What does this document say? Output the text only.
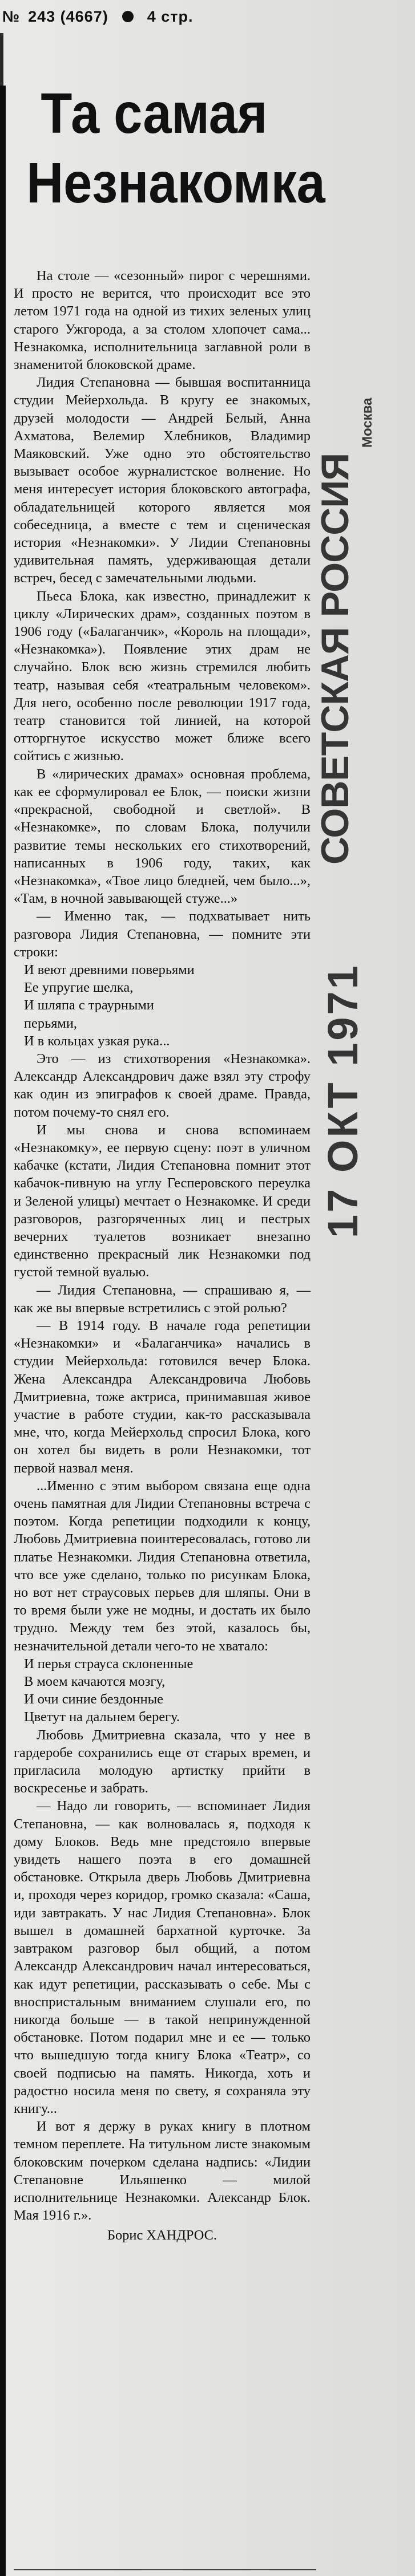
№ 243 (4667)	4 стр.
Та самая
Незнакомка
СОВЕТСКАЯ РОССИЯ
Москва
17 ОКТ 1971

На столе — «сезонный» пирог с черешнями. И просто не верится, что происходит все это летом 1971 года на одной из тихих зеленых улиц старого Ужгорода, а за столом хлопочет сама... Незнакомка, исполнительница заглавной роли в знаменитой блоковской драме.

Лидия Степановна — бывшая воспитанница студии Мейерхольда. В кругу ее знакомых, друзей молодости — Андрей Белый, Анна Ахматова, Велемир Хлебников, Владимир Маяковский. Уже одно это обстоятельство вызывает особое журналистское волнение. Но меня интересует история блоковского автографа, обладательницей которого является моя собеседница, а вместе с тем и сценическая история «Незнакомки». У Лидии Степановны удивительная память, удерживающая детали встреч, бесед с замечательными людьми.

Пьеса Блока, как известно, принадлежит к циклу «Лирических драм», созданных поэтом в 1906 году («Балаганчик», «Король на площади», «Незнакомка»). Появление этих драм не случайно. Блок всю жизнь стремился любить театр, называя себя «театральным человеком». Для него, особенно после революции 1917 года, театр становится той линией, на которой отторгнутое искусство может ближе всего сойтись с жизнью.

В «лирических драмах» основная проблема, как ее сформулировал ее Блок, — поиски жизни «прекрасной, свободной и светлой». В «Незнакомке», по словам Блока, получили развитие темы нескольких его стихотворений, написанных в 1906 году, таких, как «Незнакомка», «Твое лицо бледней, чем было...», «Там, в ночной завывающей стуже...»

— Именно так, — подхватывает нить разговора Лидия Степановна, — помните эти строки:

И веют древними поверьями
Ее упругие шелка,
И шляпа с траурными
перьями,
И в кольцах узкая рука...

Это — из стихотворения «Незнакомка». Александр Александрович даже взял эту строфу как один из эпиграфов к своей драме. Правда, потом почему-то снял его.

И мы снова и снова вспоминаем «Незнакомку», ее первую сцену: поэт в уличном кабачке (кстати, Лидия Степановна помнит этот кабачок-пивную на углу Гесперовского переулка и Зеленой улицы) мечтает о Незнакомке. И среди разговоров, разгоряченных лиц и пестрых вечерних туалетов возникает внезапно единственно прекрасный лик Незнакомки под густой темной вуалью.

— Лидия Степановна, — спрашиваю я, — как же вы впервые встретились с этой ролью?

— В 1914 году. В начале года репетиции «Незнакомки» и «Балаганчика» начались в студии Мейерхольда: готовился вечер Блока. Жена Александра Александровича Любовь Дмитриевна, тоже актриса, принимавшая живое участие в работе студии, как-то рассказывала мне, что, когда Мейерхольд спросил Блока, кого он хотел бы видеть в роли Незнакомки, тот первой назвал меня.

...Именно с этим выбором связана еще одна очень памятная для Лидии Степановны встреча с поэтом. Когда репетиции подходили к концу, Любовь Дмитриевна поинтересовалась, готово ли платье Незнакомки. Лидия Степановна ответила, что все уже сделано, только по рисункам Блока, но вот нет страусовых перьев для шляпы. Они в то время были уже не модны, и достать их было трудно. Между тем без этой, казалось бы, незначительной детали чего-то не хватало:

И перья страуса склоненные
В моем качаются мозгу,
И очи синие бездонные
Цветут на дальнем берегу.

Любовь Дмитриевна сказала, что у нее в гардеробе сохранились еще от старых времен, и пригласила молодую артистку прийти в воскресенье и забрать.

— Надо ли говорить, — вспоминает Лидия Степановна, — как волновалась я, подходя к дому Блоков. Ведь мне предстояло впервые увидеть нашего поэта в его домашней обстановке. Открыла дверь Любовь Дмитриевна и, проходя через коридор, громко сказала: «Саша, иди завтракать. У нас Лидия Степановна». Блок вышел в домашней бархатной курточке. За завтраком разговор был общий, а потом Александр Александрович начал интересоваться, как идут репетиции, рассказывать о себе. Мы с вноспристальным вниманием слушали его, по никогда больше — в такой непринужденной обстановке. Потом подарил мне и ее — только что вышедшую тогда книгу Блока «Театр», со своей подписью на память. Никогда, хоть и радостно носила меня по свету, я сохраняла эту книгу...

И вот я держу в руках книгу в плотном темном переплете. На титульном листе знакомым блоковским почерком сделана надпись: «Лидии Степановне Ильяшенко — милой исполнительнице Незнакомки. Александр Блок. Мая 1916 г.».

Борис ХАНДРОС.
